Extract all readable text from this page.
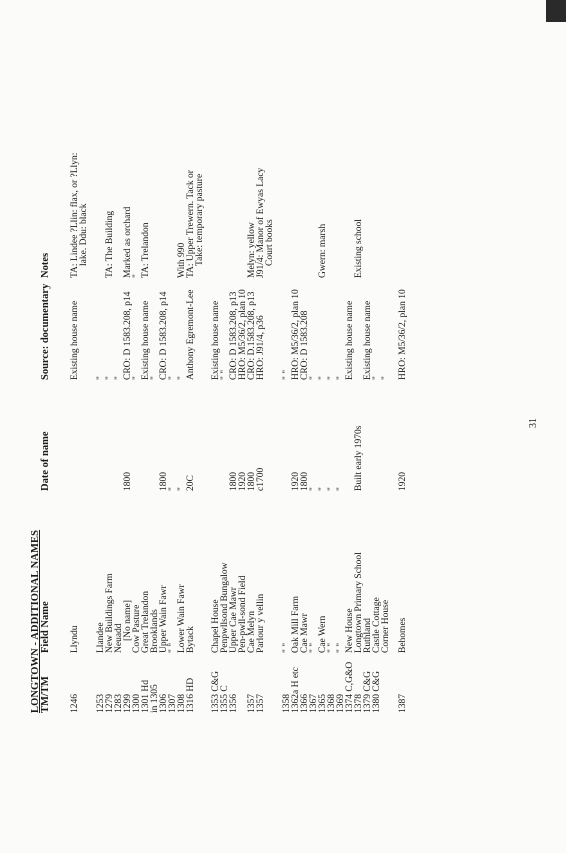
LONGTOWN - ADDITIONAL NAMES TM/TM
Field Name
Date of name
Source: documentary
Notes
1246
Llyndu
Existing house name
TA: Lindee ?Llin: flax, or ?Llyn: lake. Ddu: black
1253
Llandee
"
1279
New Buildings Farm
"
TA: The Building
1283
Neuadd
"
1299
[No name]
1800
CRO: D 1583.208, p14
Marked as orchard
1300
Cow Pasture
"
"
1301 Hd
Great Trelandon
Existing house name
TA: Trelandon
in 1305
Brooklands
"
1306
Upper Wain Fawr
1800
CRO: D 1583.208, p14
1307
" "
"
"
1308
Lower Wain Fawr
"
"
With 990
1316 HD
Bytack
20C
Anthony Egremont-Lee
TA: Upper Trewern. Tack or Take: temporary pasture
1353 C&G
Chapel House
Existing house name
1355 C
Penpwllsond Bungalow
" "
1356
Upper Cae Mawr
1800
CRO: D 1583.208, p13
Pen-pwll-sond Field
1920
HRO: M5/36/2, plan 10
1357
Cae Melyn
1800
CRO: D.1583.208, p13
Melyn: yellow
1357
Parlour y vellin
c1700
HRO: J91/4, p36
J91/4: Manor of Ewyas Lacy Court books
1358
" "
" "
1362a H etc
Oak Mill Farm
1920
HRO: M5/36/2, plan 10
1366
Cae Mawr
1800
CRO: D 1583.208
1367
" "
"
"
1365
Cae Wern
"
"
Gwern: marsh
1368
" "
"
"
1369
" "
"
"
1374 C,G&O
New House
Existing house name
1378
Longtown Primary School
Built early 1970s
Existing school
1379 C&G
Ruthland
Existing house name
1380 C&G
Castle Cottage
"
Corner House
"
1387
Behomes
1920
HRO: M5/36/2, plan 10
31
